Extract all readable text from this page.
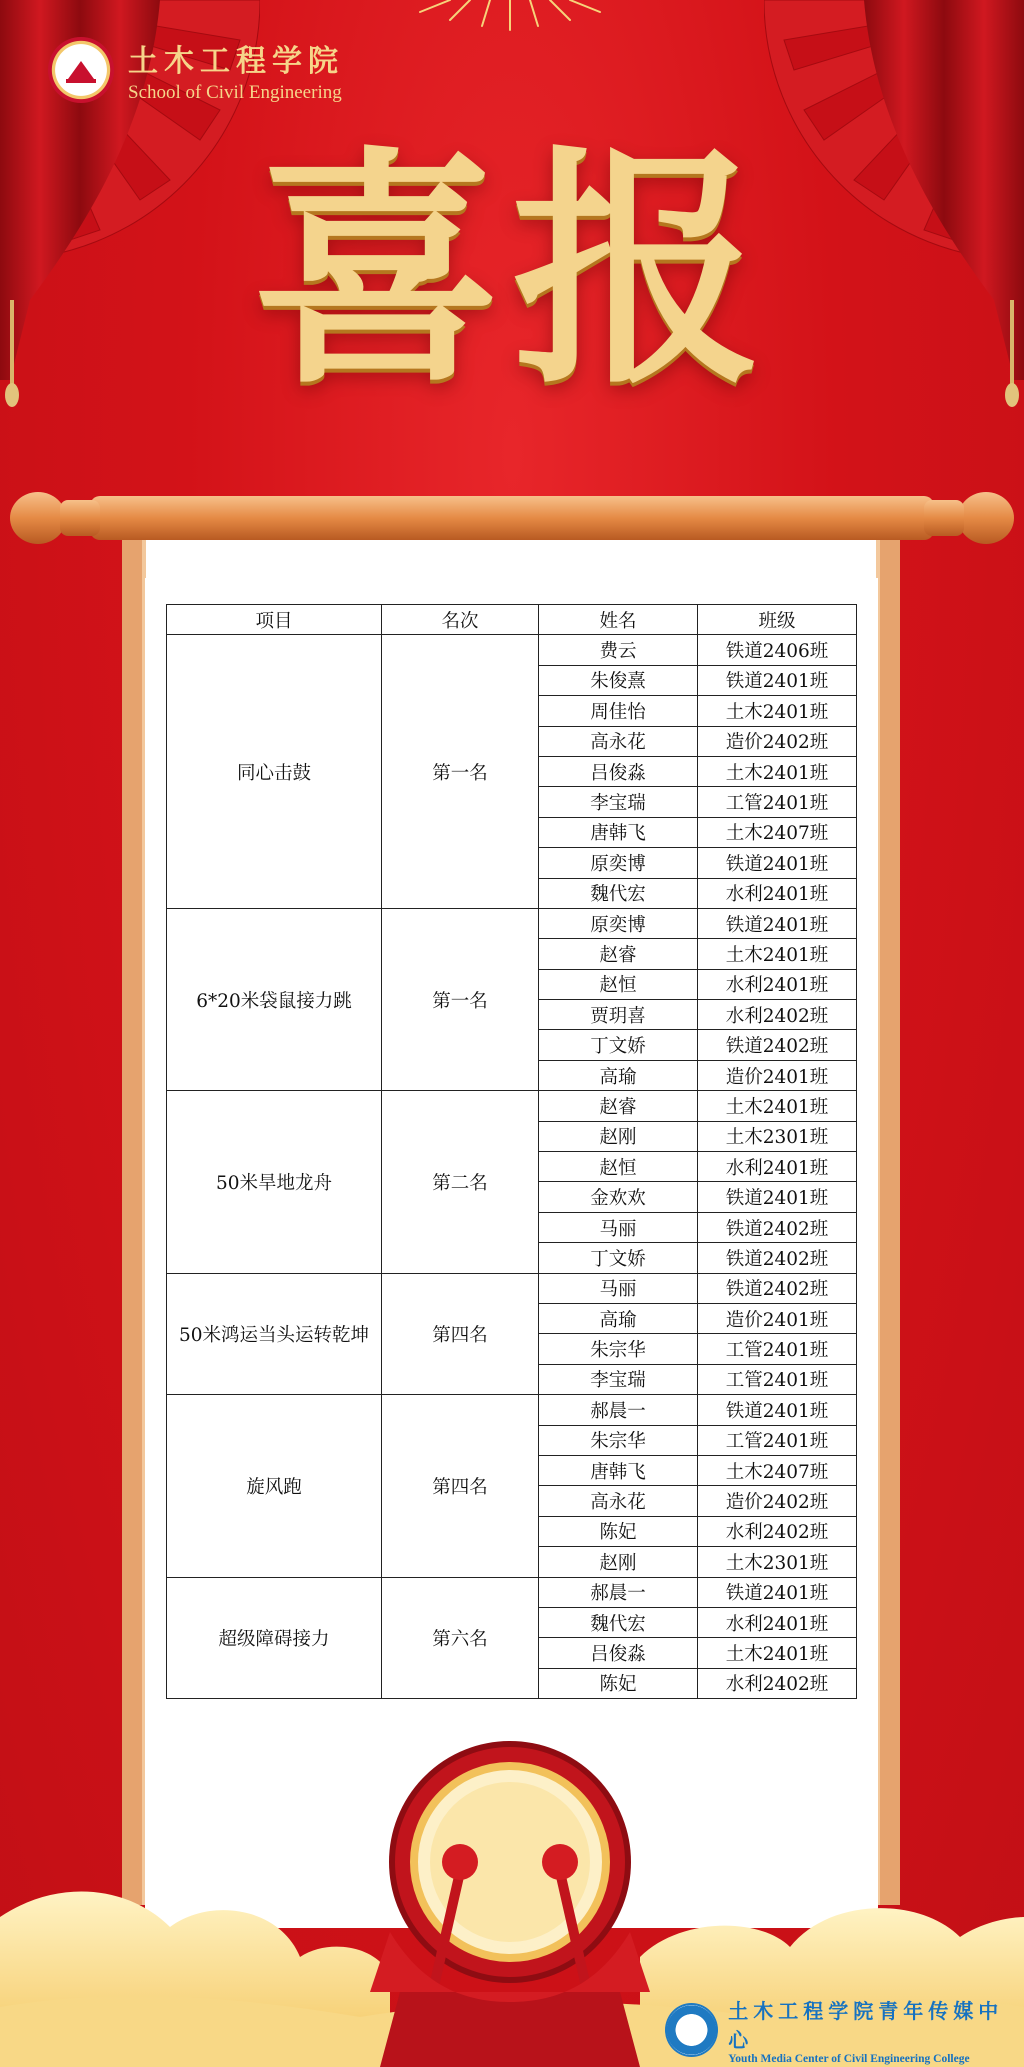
土木工程学院
School of Civil Engineering
喜报
项目	名次	姓名	班级
同心击鼓	第一名	费云	铁道2406班
		朱俊熹	铁道2401班
		周佳怡	土木2401班
		高永花	造价2402班
		吕俊淼	土木2401班
		李宝瑞	工管2401班
		唐韩飞	土木2407班
		原奕博	铁道2401班
		魏代宏	水利2401班
6*20米袋鼠接力跳	第一名	原奕博	铁道2401班
		赵睿	土木2401班
		赵恒	水利2401班
		贾玥喜	水利2402班
		丁文娇	铁道2402班
		高瑜	造价2401班
50米旱地龙舟	第二名	赵睿	土木2401班
		赵刚	土木2301班
		赵恒	水利2401班
		金欢欢	铁道2401班
		马丽	铁道2402班
		丁文娇	铁道2402班
50米鸿运当头运转乾坤	第四名	马丽	铁道2402班
		高瑜	造价2401班
		朱宗华	工管2401班
		李宝瑞	工管2401班
旋风跑	第四名	郝晨一	铁道2401班
		朱宗华	工管2401班
		唐韩飞	土木2407班
		高永花	造价2402班
		陈妃	水利2402班
		赵刚	土木2301班
超级障碍接力	第六名	郝晨一	铁道2401班
		魏代宏	水利2401班
		吕俊淼	土木2401班
		陈妃	水利2402班
土木工程学院青年传媒中心
Youth Media Center of Civil Engineering College
